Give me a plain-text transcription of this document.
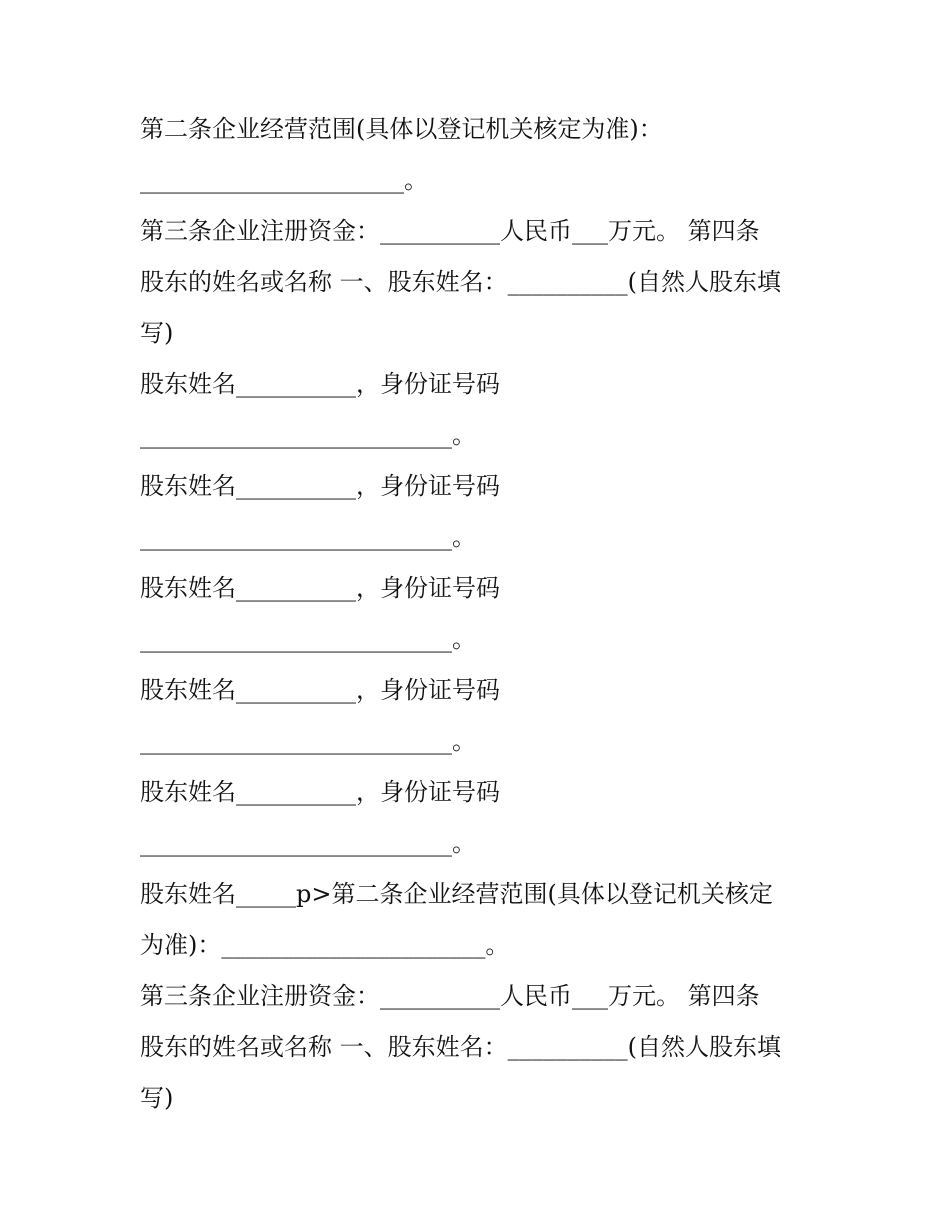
第二条企业经营范围(具体以登记机关核定为准)：
______________________。
第三条企业注册资金：__________人民币___万元。 第四条
股东的姓名或名称 一、股东姓名：__________(自然人股东填
写)
股东姓名__________，身份证号码
__________________________。
股东姓名__________，身份证号码
__________________________。
股东姓名__________，身份证号码
__________________________。
股东姓名__________，身份证号码
__________________________。
股东姓名__________，身份证号码
__________________________。
股东姓名_____p>第二条企业经营范围(具体以登记机关核定
为准)：______________________。
第三条企业注册资金：__________人民币___万元。 第四条
股东的姓名或名称 一、股东姓名：__________(自然人股东填
写)
